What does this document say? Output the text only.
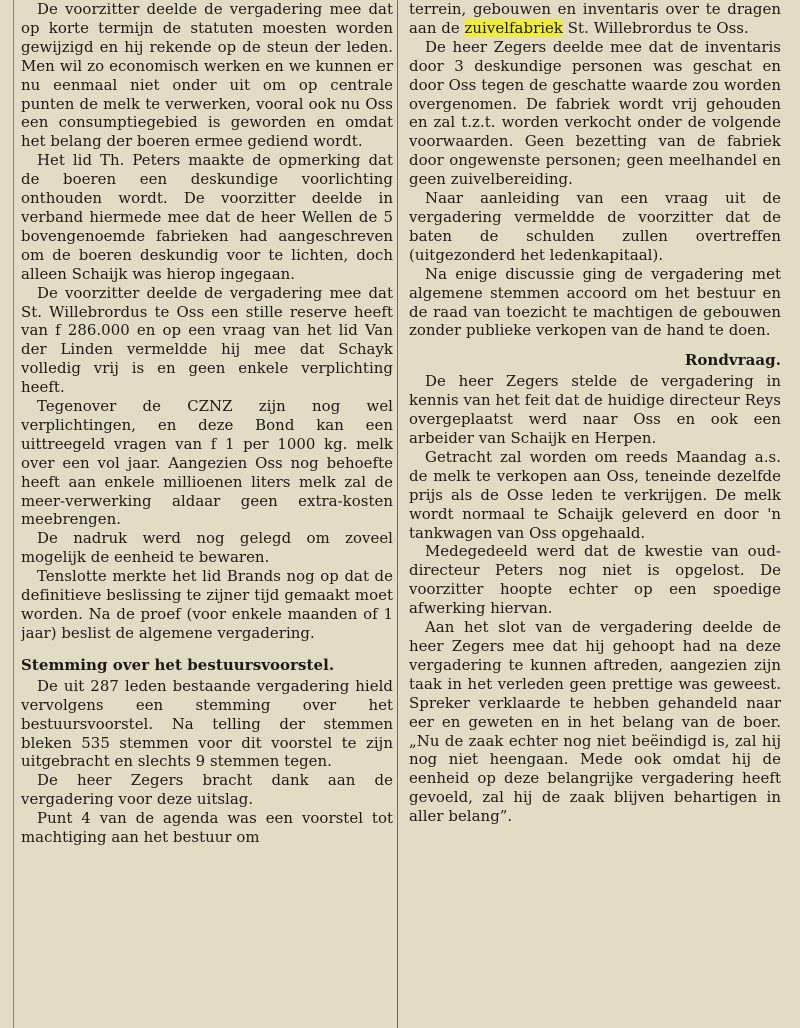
De voorzitter deelde de vergadering mee dat op korte termijn de statuten moesten worden gewijzigd en hij rekende op de steun der leden. Men wil zo economisch werken en we kunnen er nu eenmaal niet onder uit om op centrale punten de melk te verwerken, vooral ook nu Oss een consumptiegebied is geworden en omdat het belang der boeren ermee gediend wordt.

Het lid Th. Peters maakte de opmerking dat de boeren een deskundige voorlichting onthouden wordt. De voorzitter deelde in verband hiermede mee dat de heer Wellen de 5 bovengenoemde fabrieken had aangeschreven om de boeren deskundig voor te lichten, doch alleen Schaijk was hierop ingegaan.

De voorzitter deelde de vergadering mee dat St. Willebrordus te Oss een stille reserve heeft van f 286.000 en op een vraag van het lid Van der Linden vermeldde hij mee dat Schayk volledig vrij is en geen enkele verplichting heeft.

Tegenover de CZNZ zijn nog wel verplichtingen, en deze Bond kan een uittreegeld vragen van f 1 per 1000 kg. melk over een vol jaar. Aangezien Oss nog behoefte heeft aan enkele millioenen liters melk zal de meer-verwerking aldaar geen extra-kosten meebrengen.

De nadruk werd nog gelegd om zoveel mogelijk de eenheid te bewaren.

Tenslotte merkte het lid Brands nog op dat de definitieve beslissing te zijner tijd gemaakt moet worden. Na de proef (voor enkele maanden of 1 jaar) beslist de algemene vergadering.

Stemming over het bestuursvoorstel.

De uit 287 leden bestaande vergadering hield vervolgens een stemming over het bestuursvoorstel. Na telling der stemmen bleken 535 stemmen voor dit voorstel te zijn uitgebracht en slechts 9 stemmen tegen.

De heer Zegers bracht dank aan de vergadering voor deze uitslag.

Punt 4 van de agenda was een voorstel tot machtiging aan het bestuur om

terrein, gebouwen en inventaris over te dragen aan de zuivelfabriek St. Willebrordus te Oss.

De heer Zegers deelde mee dat de inventaris door 3 deskundige personen was geschat en door Oss tegen de geschatte waarde zou worden overgenomen. De fabriek wordt vrij gehouden en zal t.z.t. worden verkocht onder de volgende voorwaarden. Geen bezetting van de fabriek door ongewenste personen; geen meelhandel en geen zuivelbereiding.

Naar aanleiding van een vraag uit de vergadering vermeldde de voorzitter dat de baten de schulden zullen overtreffen (uitgezonderd het ledenkapitaal).

Na enige discussie ging de vergadering met algemene stemmen accoord om het bestuur en de raad van toezicht te machtigen de gebouwen zonder publieke verkopen van de hand te doen.

Rondvraag.

De heer Zegers stelde de vergadering in kennis van het feit dat de huidige directeur Reys overgeplaatst werd naar Oss en ook een arbeider van Schaijk en Herpen.

Getracht zal worden om reeds Maandag a.s. de melk te verkopen aan Oss, teneinde dezelfde prijs als de Osse leden te verkrijgen. De melk wordt normaal te Schaijk geleverd en door 'n tankwagen van Oss opgehaald.

Medegedeeld werd dat de kwestie van oud-directeur Peters nog niet is opgelost. De voorzitter hoopte echter op een spoedige afwerking hiervan.

Aan het slot van de vergadering deelde de heer Zegers mee dat hij gehoopt had na deze vergadering te kunnen aftreden, aangezien zijn taak in het verleden geen prettige was geweest. Spreker verklaarde te hebben gehandeld naar eer en geweten en in het belang van de boer. „Nu de zaak echter nog niet beëindigd is, zal hij nog niet heengaan. Mede ook omdat hij de eenheid op deze belangrijke vergadering heeft gevoeld, zal hij de zaak blijven behartigen in aller belang”.
